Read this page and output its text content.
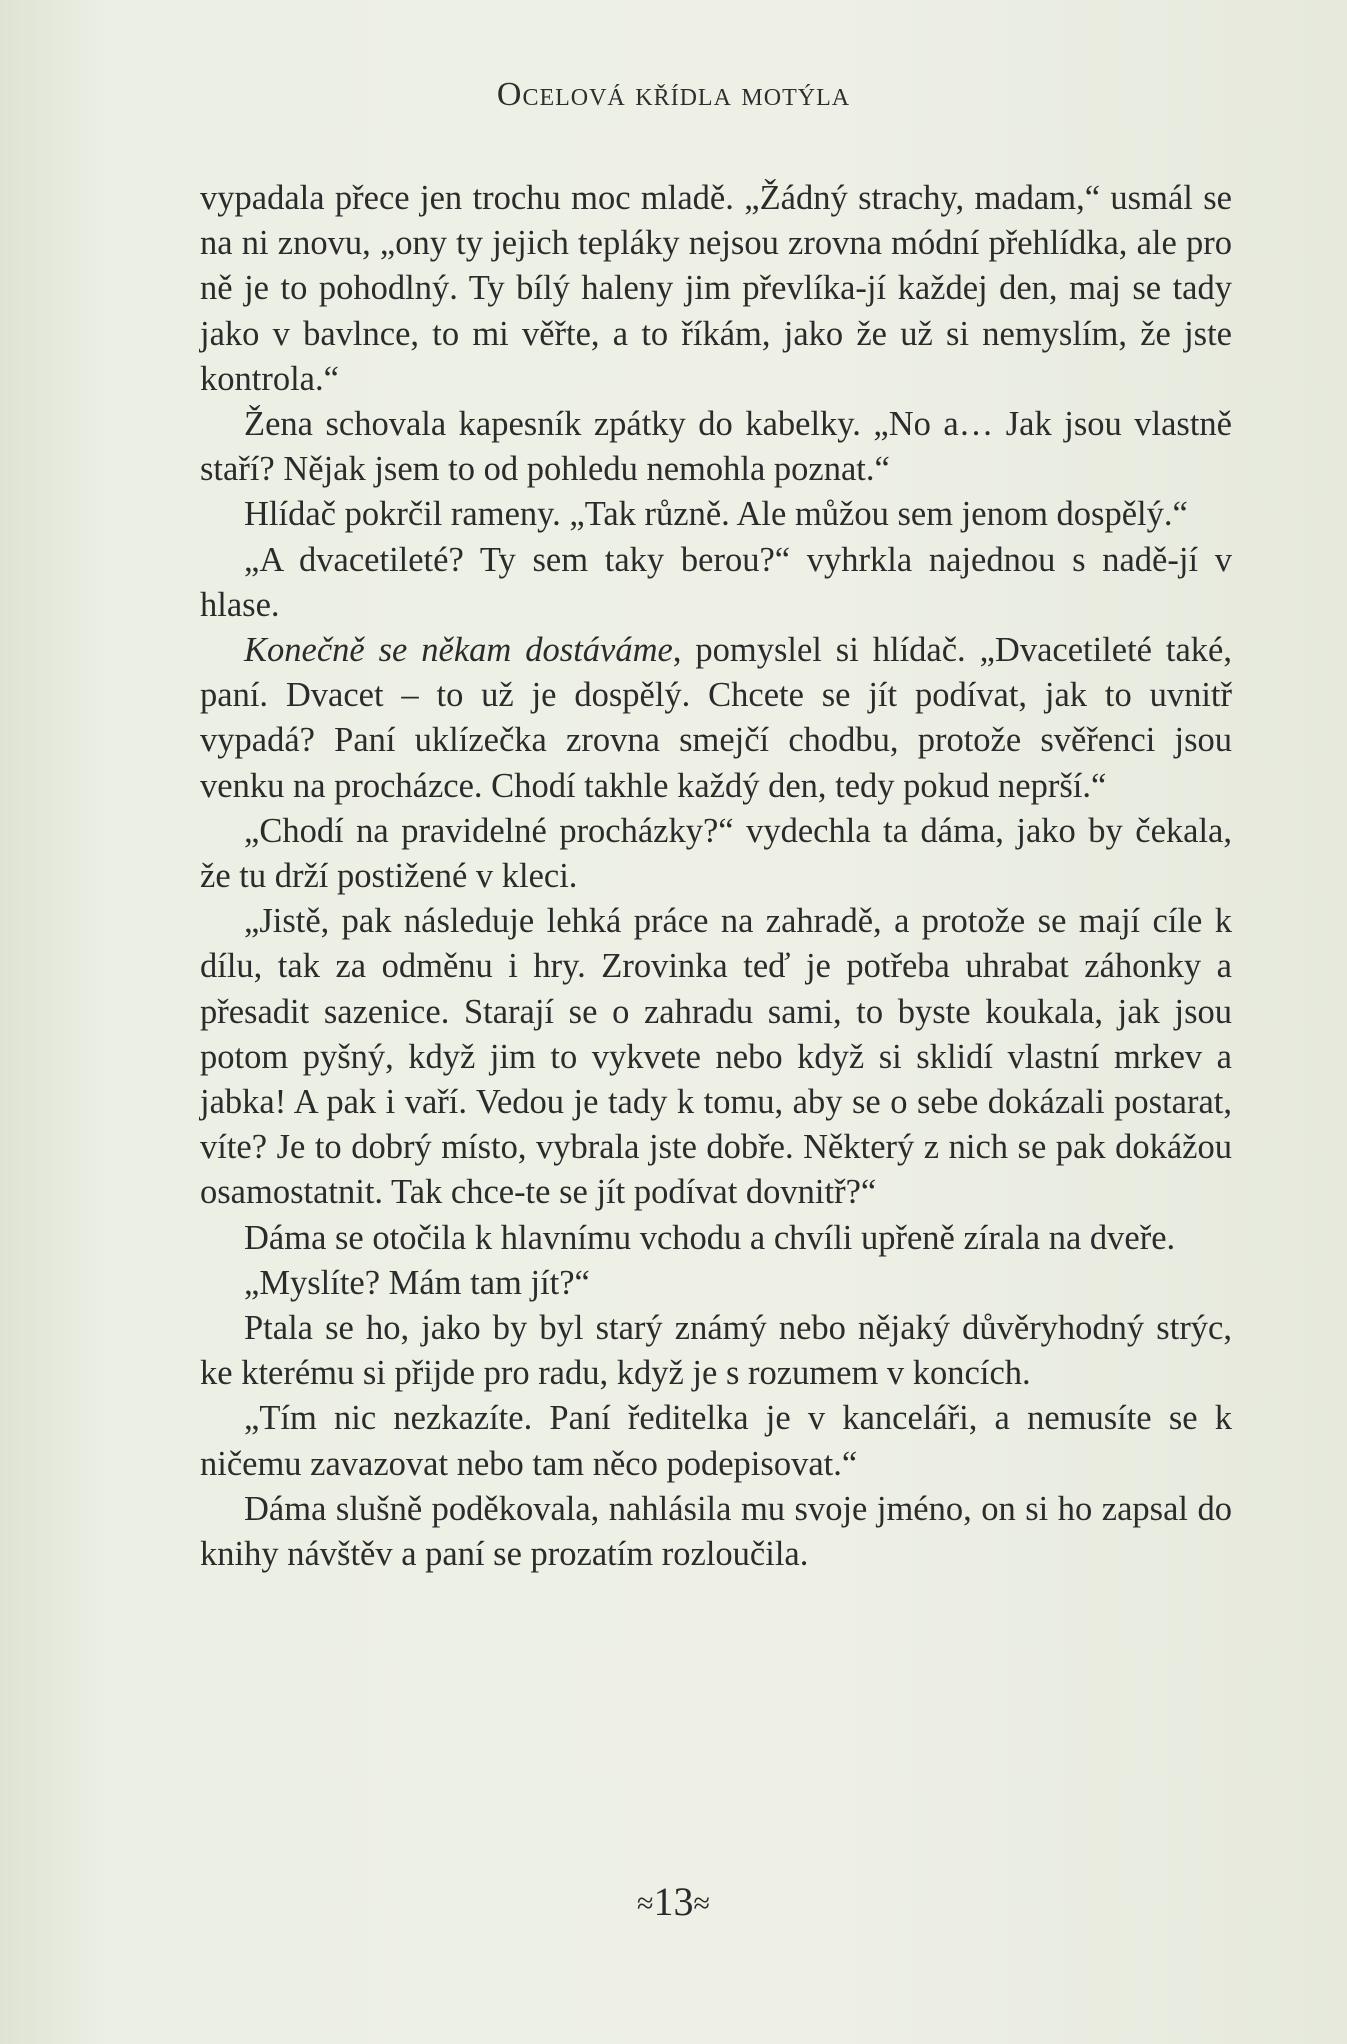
Ocelová křídla motýla

vypadala přece jen trochu moc mladě. „Žádný strachy, madam,“ usmál se na ni znovu, „ony ty jejich tepláky nejsou zrovna módní přehlídka, ale pro ně je to pohodlný. Ty bílý haleny jim převlíka-jí každej den, maj se tady jako v bavlnce, to mi věřte, a to říkám, jako že už si nemyslím, že jste kontrola.“

Žena schovala kapesník zpátky do kabelky. „No a… Jak jsou vlastně staří? Nějak jsem to od pohledu nemohla poznat.“

Hlídač pokrčil rameny. „Tak různě. Ale můžou sem jenom dospělý.“

„A dvacetileté? Ty sem taky berou?“ vyhrkla najednou s nadě-jí v hlase.

Konečně se někam dostáváme, pomyslel si hlídač. „Dvacetileté také, paní. Dvacet – to už je dospělý. Chcete se jít podívat, jak to uvnitř vypadá? Paní uklízečka zrovna smejčí chodbu, protože svěřenci jsou venku na procházce. Chodí takhle každý den, tedy pokud neprší.“

„Chodí na pravidelné procházky?“ vydechla ta dáma, jako by čekala, že tu drží postižené v kleci.

„Jistě, pak následuje lehká práce na zahradě, a protože se mají cíle k dílu, tak za odměnu i hry. Zrovinka teď je potřeba uhrabat záhonky a přesadit sazenice. Starají se o zahradu sami, to byste koukala, jak jsou potom pyšný, když jim to vykvete nebo když si sklidí vlastní mrkev a jabka! A pak i vaří. Vedou je tady k tomu, aby se o sebe dokázali postarat, víte? Je to dobrý místo, vybrala jste dobře. Některý z nich se pak dokážou osamostatnit. Tak chce-te se jít podívat dovnitř?“

Dáma se otočila k hlavnímu vchodu a chvíli upřeně zírala na dveře.

„Myslíte? Mám tam jít?“

Ptala se ho, jako by byl starý známý nebo nějaký důvěryhodný strýc, ke kterému si přijde pro radu, když je s rozumem v koncích.

„Tím nic nezkazíte. Paní ředitelka je v kanceláři, a nemusíte se k ničemu zavazovat nebo tam něco podepisovat.“

Dáma slušně poděkovala, nahlásila mu svoje jméno, on si ho zapsal do knihy návštěv a paní se prozatím rozloučila.

≈13≈
